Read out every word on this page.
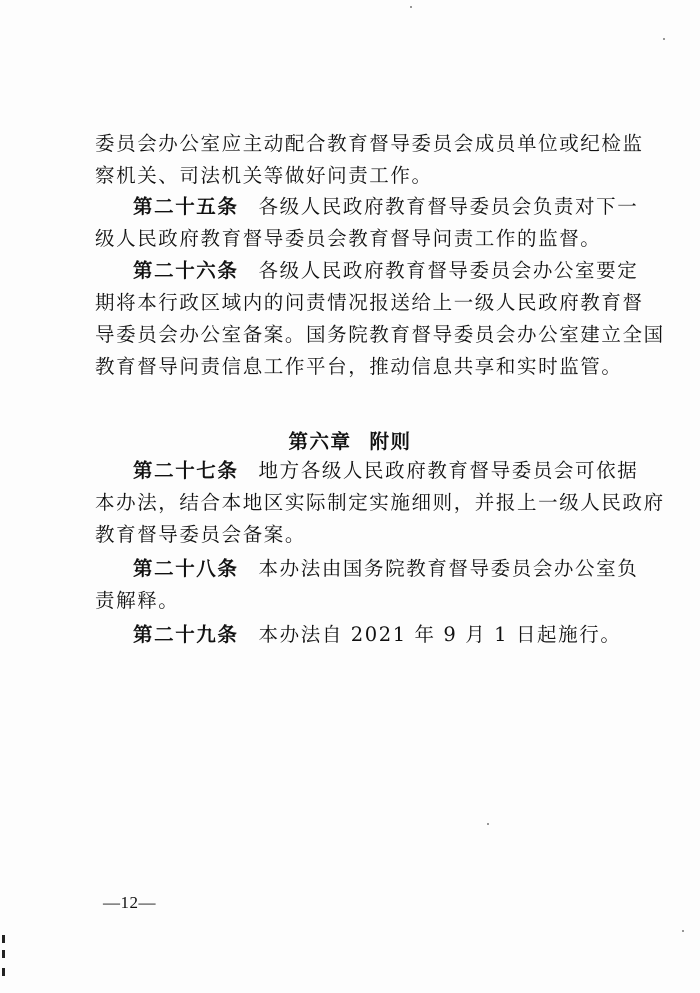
委员会办公室应主动配合教育督导委员会成员单位或纪检监
察机关、司法机关等做好问责工作。
第二十五条 各级人民政府教育督导委员会负责对下一
级人民政府教育督导委员会教育督导问责工作的监督。
第二十六条 各级人民政府教育督导委员会办公室要定
期将本行政区域内的问责情况报送给上一级人民政府教育督
导委员会办公室备案。国务院教育督导委员会办公室建立全国
教育督导问责信息工作平台，推动信息共享和实时监管。
第六章 附则
第二十七条 地方各级人民政府教育督导委员会可依据
本办法，结合本地区实际制定实施细则，并报上一级人民政府
教育督导委员会备案。
第二十八条 本办法由国务院教育督导委员会办公室负
责解释。
第二十九条 本办法自 2021 年 9 月 1 日起施行。
—12—
